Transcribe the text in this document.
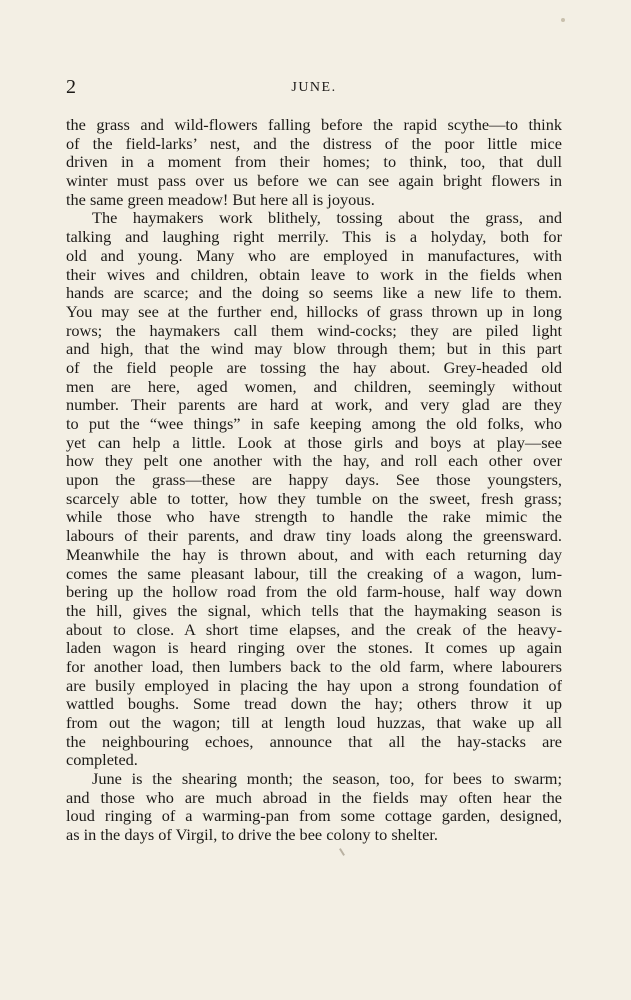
2	JUNE.
the grass and wild-flowers falling before the rapid scythe—to think
of the field-larks’ nest, and the distress of the poor little mice
driven in a moment from their homes; to think, too, that dull
winter must pass over us before we can see again bright flowers in
the same green meadow! But here all is joyous.
The haymakers work blithely, tossing about the grass, and
talking and laughing right merrily. This is a holyday, both for
old and young. Many who are employed in manufactures, with
their wives and children, obtain leave to work in the fields when
hands are scarce; and the doing so seems like a new life to them.
You may see at the further end, hillocks of grass thrown up in long
rows; the haymakers call them wind-cocks; they are piled light
and high, that the wind may blow through them; but in this part
of the field people are tossing the hay about. Grey-headed old
men are here, aged women, and children, seemingly without
number. Their parents are hard at work, and very glad are they
to put the “wee things” in safe keeping among the old folks, who
yet can help a little. Look at those girls and boys at play—see
how they pelt one another with the hay, and roll each other over
upon the grass—these are happy days. See those youngsters,
scarcely able to totter, how they tumble on the sweet, fresh grass;
while those who have strength to handle the rake mimic the
labours of their parents, and draw tiny loads along the greensward.
Meanwhile the hay is thrown about, and with each returning day
comes the same pleasant labour, till the creaking of a wagon, lum-
bering up the hollow road from the old farm-house, half way down
the hill, gives the signal, which tells that the haymaking season is
about to close. A short time elapses, and the creak of the heavy-
laden wagon is heard ringing over the stones. It comes up again
for another load, then lumbers back to the old farm, where labourers
are busily employed in placing the hay upon a strong foundation of
wattled boughs. Some tread down the hay; others throw it up
from out the wagon; till at length loud huzzas, that wake up all
the neighbouring echoes, announce that all the hay-stacks are
completed.
June is the shearing month; the season, too, for bees to swarm;
and those who are much abroad in the fields may often hear the
loud ringing of a warming-pan from some cottage garden, designed,
as in the days of Virgil, to drive the bee colony to shelter.
